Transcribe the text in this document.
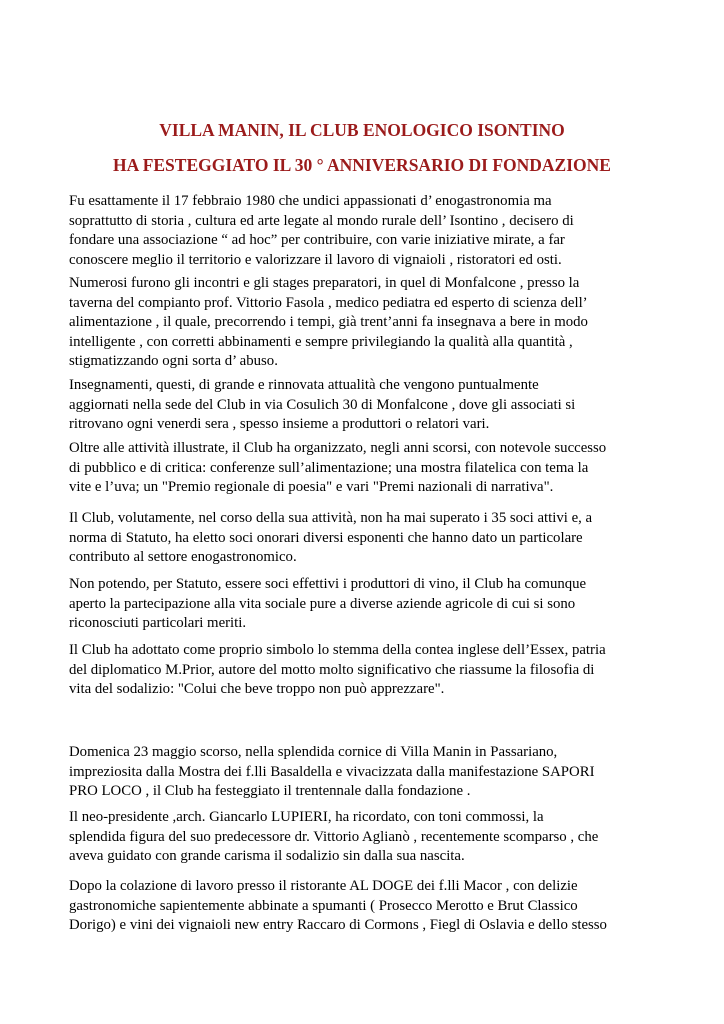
VILLA MANIN, IL CLUB ENOLOGICO ISONTINO
HA FESTEGGIATO IL 30 ° ANNIVERSARIO DI FONDAZIONE
Fu esattamente il 17 febbraio 1980 che undici appassionati d’ enogastronomia ma
soprattutto di storia , cultura ed arte legate al mondo rurale dell’ Isontino , decisero di
fondare una associazione “ ad hoc” per contribuire, con varie iniziative mirate, a far
conoscere meglio il territorio e valorizzare il lavoro di vignaioli , ristoratori ed osti.
Numerosi furono gli incontri e gli stages preparatori, in quel di Monfalcone , presso la
taverna del compianto prof. Vittorio Fasola , medico pediatra ed esperto di scienza dell’
alimentazione , il quale, precorrendo i tempi, già trent’anni fa insegnava a bere in modo
intelligente , con corretti abbinamenti e sempre privilegiando la qualità alla quantità ,
stigmatizzando ogni sorta d’ abuso.
Insegnamenti, questi, di grande e rinnovata attualità che vengono puntualmente
aggiornati nella sede del Club in via Cosulich 30 di Monfalcone , dove gli associati si
ritrovano ogni venerdi sera , spesso insieme a produttori o relatori vari.
Oltre alle attività illustrate, il Club ha organizzato, negli anni scorsi, con notevole successo
di pubblico e di critica: conferenze sull’alimentazione; una mostra filatelica con tema la
vite e l’uva; un "Premio regionale di poesia" e vari "Premi nazionali di narrativa".
Il Club, volutamente, nel corso della sua attività, non ha mai superato i 35 soci attivi e, a
norma di Statuto, ha eletto soci onorari diversi esponenti che hanno dato un particolare
contributo al settore enogastronomico.
Non potendo, per Statuto, essere soci effettivi i produttori di vino, il Club ha comunque
aperto la partecipazione alla vita sociale pure a diverse aziende agricole di cui si sono
riconosciuti particolari meriti.
Il Club ha adottato come proprio simbolo lo stemma della contea inglese dell’Essex, patria
del diplomatico M.Prior, autore del motto molto significativo che riassume la filosofia di
vita del sodalizio: "Colui che beve troppo non può apprezzare".
Domenica 23 maggio scorso, nella splendida cornice di Villa Manin in Passariano,
impreziosita dalla Mostra dei f.lli Basaldella e vivacizzata dalla manifestazione SAPORI
PRO LOCO , il Club ha festeggiato il trentennale dalla fondazione .
Il neo-presidente ,arch. Giancarlo LUPIERI, ha ricordato, con toni commossi, la
splendida figura del suo predecessore dr. Vittorio Aglianò , recentemente scomparso , che
aveva guidato con grande carisma il sodalizio sin dalla sua nascita.
Dopo la colazione di lavoro presso il ristorante AL DOGE dei f.lli Macor , con delizie
gastronomiche sapientemente abbinate a spumanti ( Prosecco Merotto e Brut Classico
Dorigo) e vini dei vignaioli new entry Raccaro di Cormons , Fiegl di Oslavia e dello stesso
